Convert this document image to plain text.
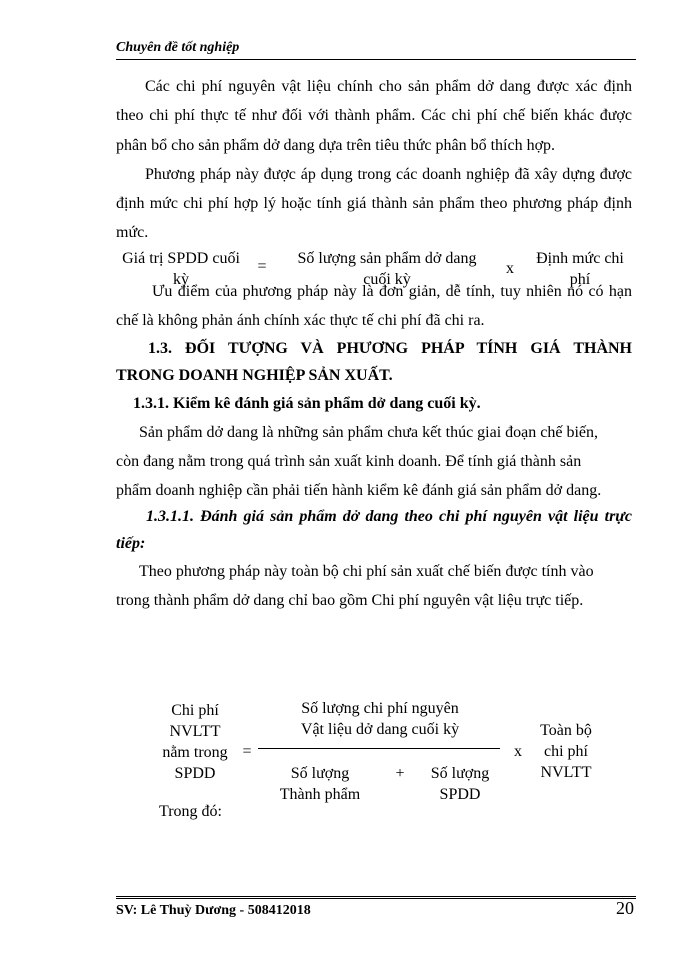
Chuyên đề tốt nghiệp
Các chi phí nguyên vật liệu chính cho sản phẩm dở dang được xác định
theo chi phí thực tế như đối với thành phẩm. Các chi phí chế biến khác được
phân bổ cho sản phẩm dở dang dựa trên tiêu thức phân bổ thích hợp.
Phương pháp này được áp dụng trong các doanh nghiệp đã xây dựng được
định mức chi phí hợp lý hoặc tính giá thành sản phẩm theo phương pháp định
mức.
Giá trị SPDD cuối
kỳ
=	Số lượng sản phẩm dở dang
cuối kỳ
x
Định mức chi
phí
Ưu điểm của phương pháp này là đơn giản, dễ tính, tuy nhiên nó có hạn
chế là không phản ánh chính xác thực tế chi phí đã chi ra.
1.3. ĐỐI TƯỢNG VÀ PHƯƠNG PHÁP TÍNH GIÁ THÀNH
TRONG DOANH NGHIỆP SẢN XUẤT.
1.3.1. Kiểm kê đánh giá sản phẩm dở dang cuối kỳ.
Sản phẩm dở dang là những sản phẩm chưa kết thúc giai đoạn chế biến,
còn đang nằm trong quá trình sản xuất kinh doanh. Để tính giá thành sản
phẩm doanh nghiệp cần phải tiến hành kiểm kê đánh giá sản phẩm dở dang.
1.3.1.1. Đánh giá sản phẩm dở dang theo chi phí nguyên vật liệu trực
tiếp:
Theo phương pháp này toàn bộ chi phí sản xuất chế biến được tính vào
trong thành phẩm dở dang chỉ bao gồm Chi phí nguyên vật liệu trực tiếp.
Chi phí
NVLTT
nằm trong
SPDD
=
Số lượng chi phí nguyên
Vật liệu dở dang cuối kỳ
Số lượng
Thành phẩm
+	Số lượng
SPDD
x
Toàn bộ
chi phí
NVLTT
Trong đó:
SV: Lê Thuỳ Dương - 508412018	20
